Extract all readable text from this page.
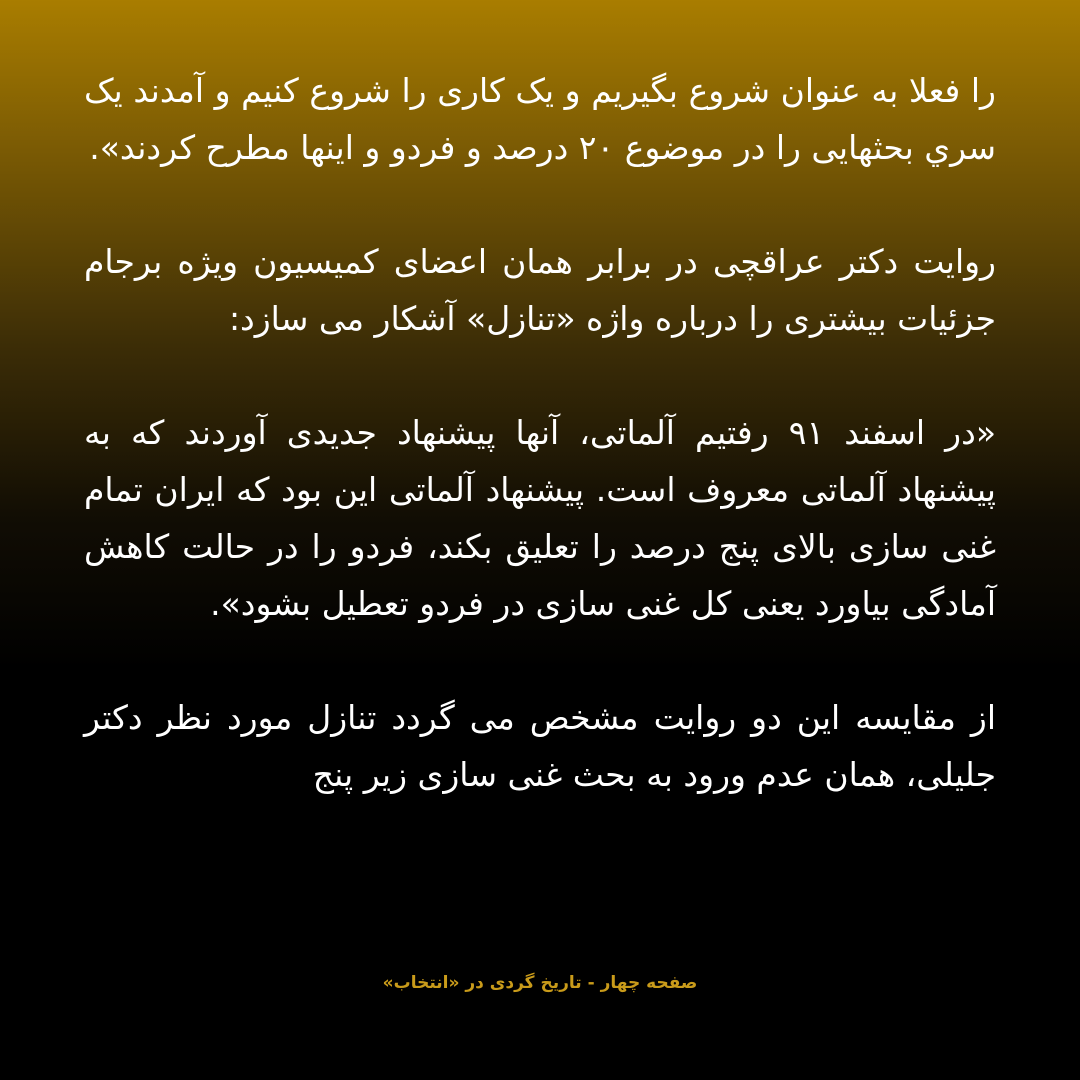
را فعلا به عنوان شروع بگیریم و یک کاری را شروع کنیم و آمدند یک سري بحثهایی را در موضوع ۲۰ درصد و فردو و اینها مطرح کردند».

روایت دکتر عراقچی در برابر همان اعضای کمیسیون ویژه برجام جزئیات بیشتری را درباره واژه «تنازل» آشکار می سازد:

«در اسفند ۹۱ رفتیم آلماتی، آنها پیشنهاد جدیدی آوردند که به پیشنهاد آلماتی معروف است. پیشنهاد آلماتی این بود که ایران تمام غنی سازی بالای پنج درصد را تعلیق بکند، فردو را در حالت کاهش آمادگی بیاورد یعنی کل غنی سازی در فردو تعطیل بشود».

از مقایسه این دو روایت مشخص می گردد تنازل مورد نظر دکتر جلیلی، همان عدم ورود به بحث غنی سازی زیر پنج

صفحه چهار - تاریخ گردی در «انتخاب»
